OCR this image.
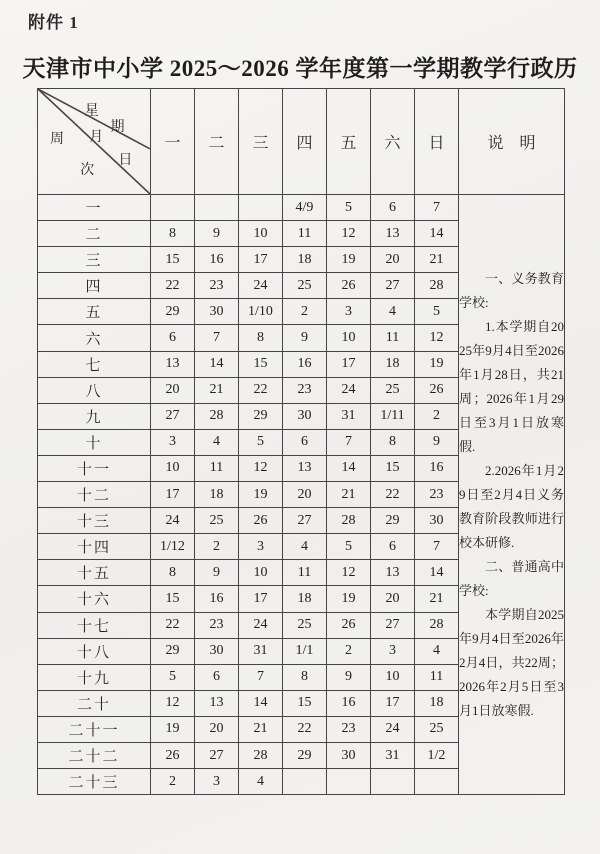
附件 1
天津市中小学 2025～2026 学年度第一学期教学行政历
星
期
周 月
日
次
	一	二	三	四	五	六	日	说　明
一				4/9	5	6	7	一、义务教育学校:
1.本学期自2025年9月4日至2026年1月28日，共21周；2026年1月29日至3月1日放寒假.
2.2026年1月29日至2月4日义务教育阶段教师进行校本研修.
二、普通高中学校:
本学期自2025年9月4日至2026年2月4日，共22周；2026年2月5日至3月1日放寒假.

二	8	9	10	11	12	13	14	
三	15	16	17	18	19	20	21	
四	22	23	24	25	26	27	28	
五	29	30	1/10	2	3	4	5	
六	6	7	8	9	10	11	12	
七	13	14	15	16	17	18	19	
八	20	21	22	23	24	25	26	
九	27	28	29	30	31	1/11	2	
十	3	4	5	6	7	8	9	
十一	10	11	12	13	14	15	16	
十二	17	18	19	20	21	22	23	
十三	24	25	26	27	28	29	30	
十四	1/12	2	3	4	5	6	7	
十五	8	9	10	11	12	13	14	
十六	15	16	17	18	19	20	21	
十七	22	23	24	25	26	27	28	
十八	29	30	31	1/1	2	3	4	
十九	5	6	7	8	9	10	11	
二十	12	13	14	15	16	17	18	
二十一	19	20	21	22	23	24	25	
二十二	26	27	28	29	30	31	1/2	
二十三	2	3	4					
